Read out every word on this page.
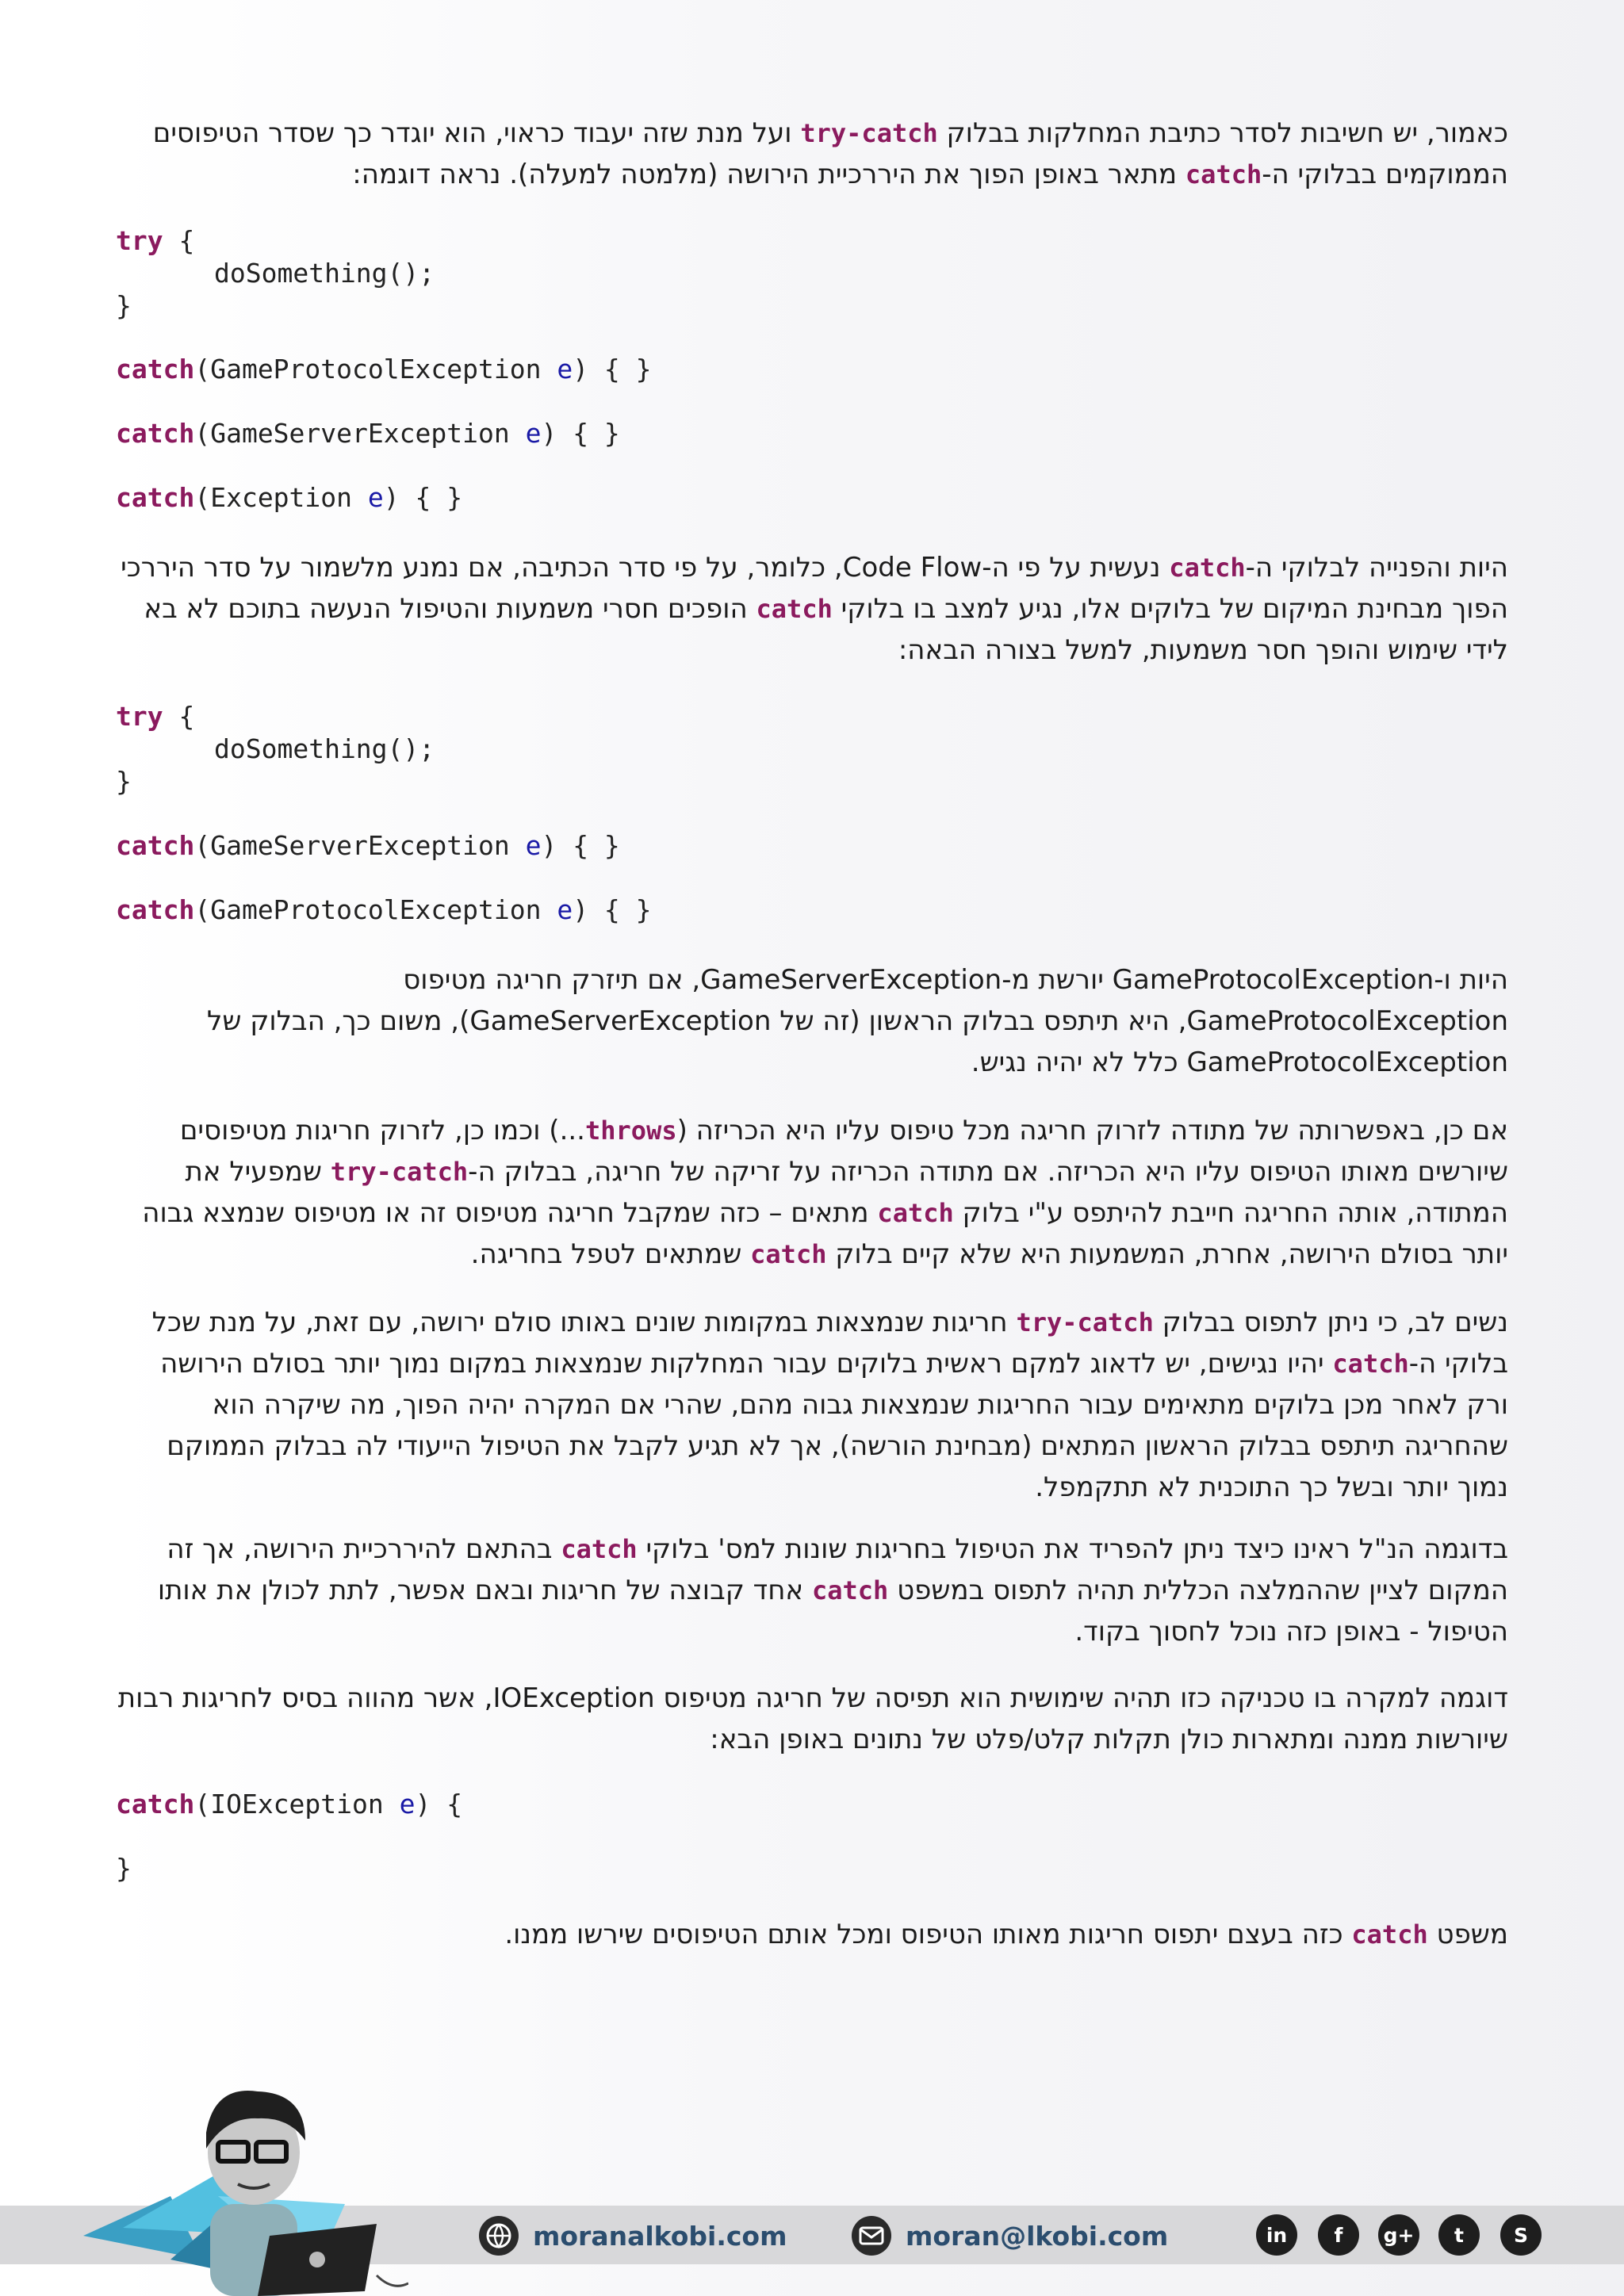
כאמור, יש חשיבות לסדר כתיבת המחלקות בבלוק try-catch ועל מנת שזה יעבוד כראוי, הוא יוגדר כך שסדר הטיפוסים הממוקמים בבלוקי ה-catch מתאר באופן הפוך את היררכיית הירושה (מלמטה למעלה). נראה דוגמה:

try {
doSomething();
}
catch(GameProtocolException e) { }
catch(GameServerException e) { }
catch(Exception e) { }

היות והפנייה לבלוקי ה-catch נעשית על פי ה-Code Flow, כלומר, על פי סדר הכתיבה, אם נמנע מלשמור על סדר היררכי הפוך מבחינת המיקום של בלוקים אלו, נגיע למצב בו בלוקי catch הופכים חסרי משמעות והטיפול הנעשה בתוכם לא בא לידי שימוש והופך חסר משמעות, למשל בצורה הבאה:

try {
doSomething();
}
catch(GameServerException e) { }
catch(GameProtocolException e) { }

היות ו-GameProtocolException יורשת מ-GameServerException, אם תיזרק חריגה מטיפוס GameProtocolException, היא תיתפס בבלוק הראשון (זה של GameServerException), משום כך, הבלוק של GameProtocolException כלל לא יהיה נגיש.

אם כן, באפשרותה של מתודה לזרוק חריגה מכל טיפוס עליו היא הכריזה (throws...) וכמו כן, לזרוק חריגות מטיפוסים שיורשים מאותו הטיפוס עליו היא הכריזה. אם מתודה הכריזה על זריקה של חריגה, בבלוק ה-try-catch שמפעיל את המתודה, אותה החריגה חייבת להיתפס ע"י בלוק catch מתאים – כזה שמקבל חריגה מטיפוס זה או מטיפוס שנמצא גבוה יותר בסולם הירושה, אחרת, המשמעות היא שלא קיים בלוק catch שמתאים לטפל בחריגה.

נשים לב, כי ניתן לתפוס בבלוק try-catch חריגות שנמצאות במקומות שונים באותו סולם ירושה, עם זאת, על מנת שכל בלוקי ה-catch יהיו נגישים, יש לדאוג למקם ראשית בלוקים עבור המחלקות שנמצאות במקום נמוך יותר בסולם הירושה ורק לאחר מכן בלוקים מתאימים עבור החריגות שנמצאות גבוה מהם, שהרי אם המקרה יהיה הפוך, מה שיקרה הוא שהחריגה תיתפס בבלוק הראשון המתאים (מבחינת הורשה), אך לא תגיע לקבל את הטיפול הייעודי לה בבלוק הממוקם נמוך יותר ובשל כך התוכנית לא תתקמפל.

בדוגמה הנ"ל ראינו כיצד ניתן להפריד את הטיפול בחריגות שונות למס' בלוקי catch בהתאם להיררכיית הירושה, אך זה המקום לציין שההמלצה הכללית תהיה לתפוס במשפט catch אחד קבוצה של חריגות ובאם אפשר, לתת לכולן את אותו הטיפול - באופן כזה נוכל לחסוך בקוד.

דוגמה למקרה בו טכניקה כזו תהיה שימושית הוא תפיסה של חריגה מטיפוס IOException, אשר מהווה בסיס לחריגות רבות שיורשות ממנה ומתארות כולן תקלות קלט/פלט של נתונים באופן הבא:

catch(IOException e) {
}

משפט catch כזה בעצם יתפוס חריגות מאותו הטיפוס ומכל אותם הטיפוסים שירשו ממנו.

moranalkobi.com	moran@lkobi.com	in f g+ t	S
